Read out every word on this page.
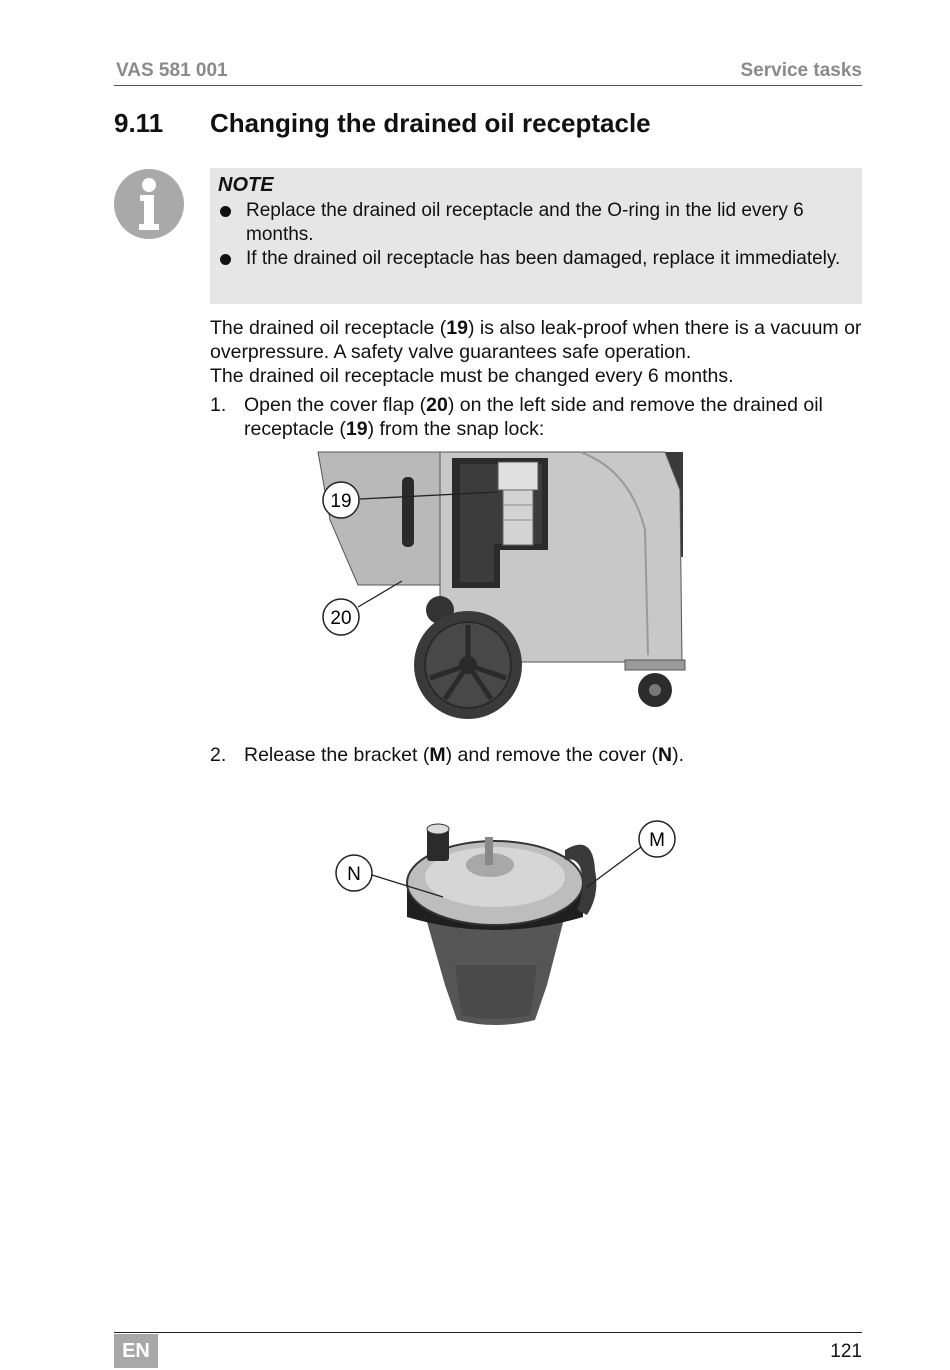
VAS 581 001	Service tasks
9.11 Changing the drained oil receptacle
NOTE
Replace the drained oil receptacle and the O-ring in the lid every 6 months.
If the drained oil receptacle has been damaged, replace it immediately.
The drained oil receptacle (19) is also leak-proof when there is a vacuum or overpressure. A safety valve guarantees safe operation.
The drained oil receptacle must be changed every 6 months.
1. Open the cover flap (20) on the left side and remove the drained oil receptacle (19) from the snap lock:
19
20
2. Release the bracket (M) and remove the cover (N).
N
M
EN	121
